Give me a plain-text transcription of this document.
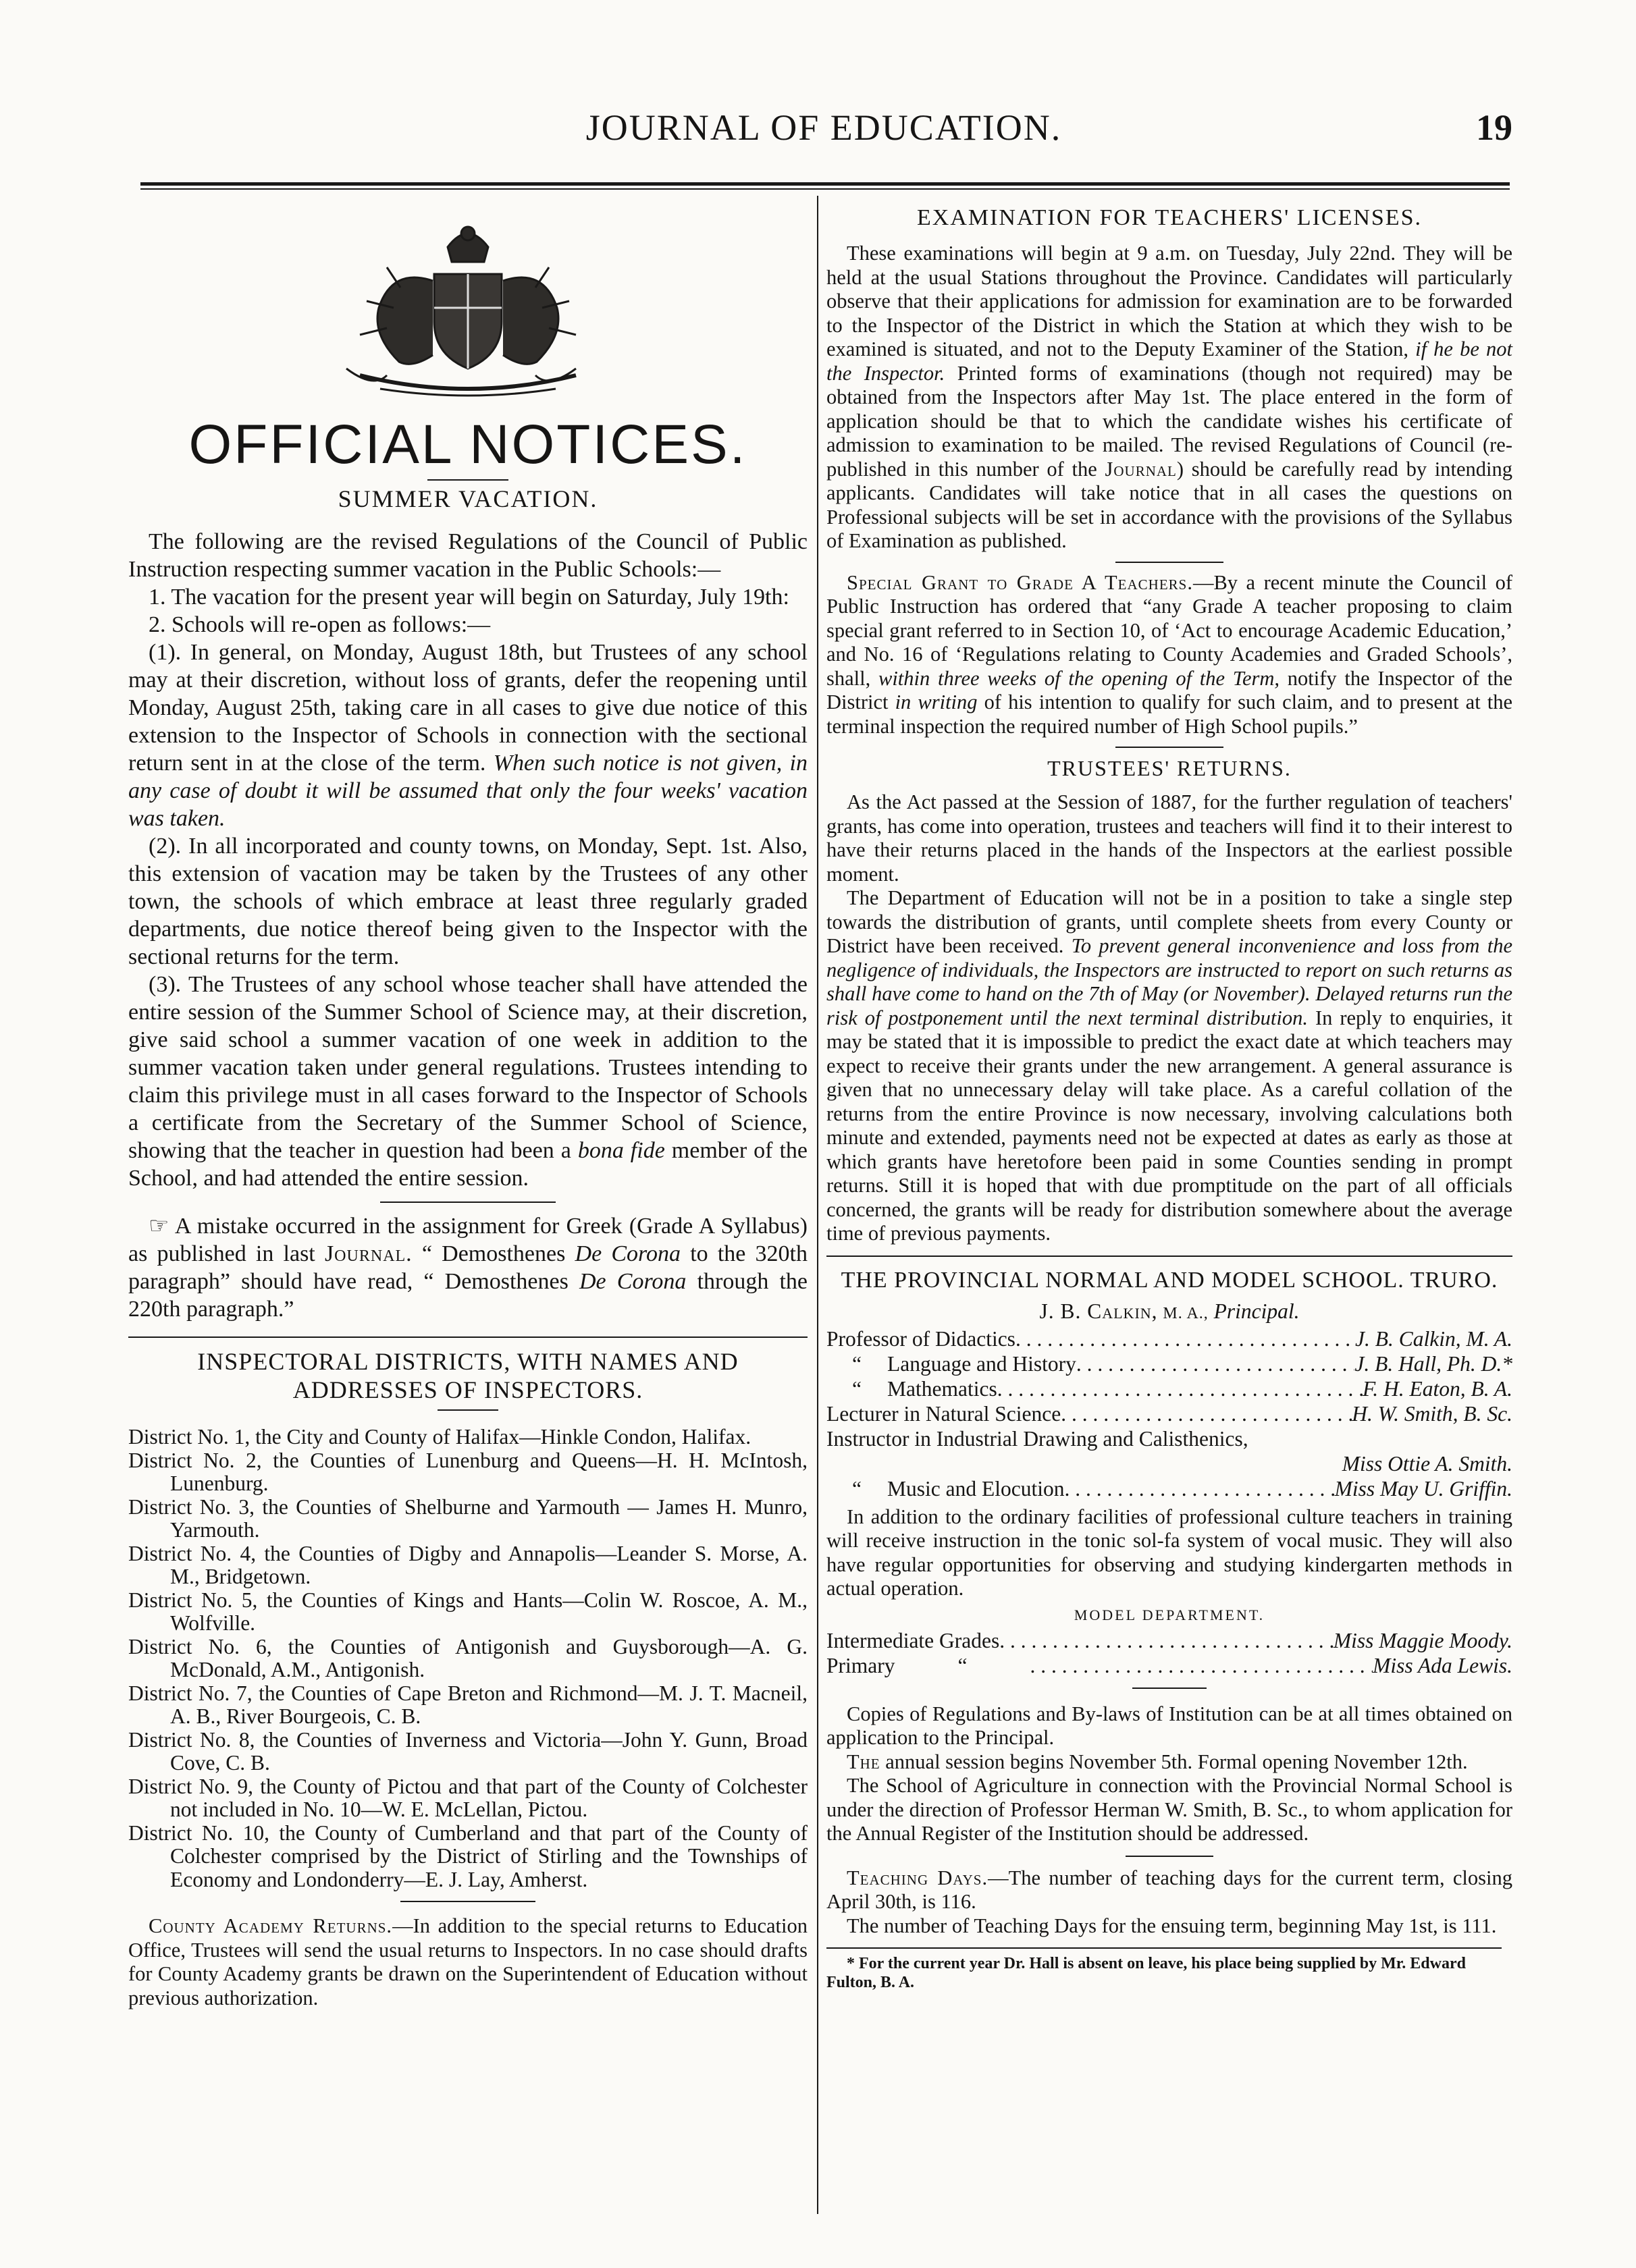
JOURNAL OF EDUCATION.	19
OFFICIAL NOTICES.
SUMMER VACATION.

The following are the revised Regulations of the Council of Public Instruction respecting summer vacation in the Public Schools:—

1. The vacation for the present year will begin on Saturday, July 19th:

2. Schools will re-open as follows:—

(1). In general, on Monday, August 18th, but Trustees of any school may at their discretion, without loss of grants, defer the reopening until Monday, August 25th, taking care in all cases to give due notice of this extension to the Inspector of Schools in connection with the sectional return sent in at the close of the term. When such notice is not given, in any case of doubt it will be assumed that only the four weeks' vacation was taken.

(2). In all incorporated and county towns, on Monday, Sept. 1st. Also, this extension of vacation may be taken by the Trustees of any other town, the schools of which embrace at least three regularly graded departments, due notice thereof being given to the Inspector with the sectional returns for the term.

(3). The Trustees of any school whose teacher shall have attended the entire session of the Summer School of Science may, at their discretion, give said school a summer vacation of one week in addition to the summer vacation taken under general regulations. Trustees intending to claim this privilege must in all cases forward to the Inspector of Schools a certificate from the Secretary of the Summer School of Science, showing that the teacher in question had been a bona fide member of the School, and had attended the entire session.

☞ A mistake occurred in the assignment for Greek (Grade A Syllabus) as published in last Journal. “ Demosthenes De Corona to the 320th paragraph” should have read, “ Demosthenes De Corona through the 220th paragraph.”

INSPECTORAL DISTRICTS, WITH NAMES AND ADDRESSES OF INSPECTORS.

District No. 1, the City and County of Halifax—Hinkle Condon, Halifax.

District No. 2, the Counties of Lunenburg and Queens—H. H. McIntosh, Lunenburg.

District No. 3, the Counties of Shelburne and Yarmouth — James H. Munro, Yarmouth.

District No. 4, the Counties of Digby and Annapolis—Leander S. Morse, A. M., Bridgetown.

District No. 5, the Counties of Kings and Hants—Colin W. Roscoe, A. M., Wolfville.

District No. 6, the Counties of Antigonish and Guysborough—A. G. McDonald, A.M., Antigonish.

District No. 7, the Counties of Cape Breton and Richmond—M. J. T. Macneil, A. B., River Bourgeois, C. B.

District No. 8, the Counties of Inverness and Victoria—John Y. Gunn, Broad Cove, C. B.

District No. 9, the County of Pictou and that part of the County of Colchester not included in No. 10—W. E. McLellan, Pictou.

District No. 10, the County of Cumberland and that part of the County of Colchester comprised by the District of Stirling and the Townships of Economy and Londonderry—E. J. Lay, Amherst.

County Academy Returns.—In addition to the special returns to Education Office, Trustees will send the usual returns to Inspectors. In no case should drafts for County Academy grants be drawn on the Superintendent of Education without previous authorization.

EXAMINATION FOR TEACHERS' LICENSES.

These examinations will begin at 9 a.m. on Tuesday, July 22nd. They will be held at the usual Stations throughout the Province. Candidates will particularly observe that their applications for admission for examination are to be forwarded to the Inspector of the District in which the Station at which they wish to be examined is situated, and not to the Deputy Examiner of the Station, if he be not the Inspector. Printed forms of examinations (though not required) may be obtained from the Inspectors after May 1st. The place entered in the form of application should be that to which the candidate wishes his certificate of admission to examination to be mailed. The revised Regulations of Council (re-published in this number of the Journal) should be carefully read by intending applicants. Candidates will take notice that in all cases the questions on Professional subjects will be set in accordance with the provisions of the Syllabus of Examination as published.

Special Grant to Grade A Teachers.—By a recent minute the Council of Public Instruction has ordered that “any Grade A teacher proposing to claim special grant referred to in Section 10, of ‘Act to encourage Academic Education,’ and No. 16 of ‘Regulations relating to County Academies and Graded Schools’, shall, within three weeks of the opening of the Term, notify the Inspector of the District in writing of his intention to qualify for such claim, and to present at the terminal inspection the required number of High School pupils.”

TRUSTEES' RETURNS.

As the Act passed at the Session of 1887, for the further regulation of teachers' grants, has come into operation, trustees and teachers will find it to their interest to have their returns placed in the hands of the Inspectors at the earliest possible moment.

The Department of Education will not be in a position to take a single step towards the distribution of grants, until complete sheets from every County or District have been received. To prevent general inconvenience and loss from the negligence of individuals, the Inspectors are instructed to report on such returns as shall have come to hand on the 7th of May (or November). Delayed returns run the risk of postponement until the next terminal distribution. In reply to enquiries, it may be stated that it is impossible to predict the exact date at which teachers may expect to receive their grants under the new arrangement. A general assurance is given that no unnecessary delay will take place. As a careful collation of the returns from the entire Province is now necessary, involving calculations both minute and extended, payments need not be expected at dates as early as those at which grants have heretofore been paid in some Counties sending in prompt returns. Still it is hoped that with due promptitude on the part of all officials concerned, the grants will be ready for distribution somewhere about the average time of previous payments.

THE PROVINCIAL NORMAL AND MODEL SCHOOL. TRURO.

J. B. Calkin, M. A., Principal.

Professor of Didactics . . .	J. B. Calkin, M. A.
“ Language and History . . .	J. B. Hall, Ph. D.*
“ Mathematics . . .	F. H. Eaton, B. A.
Lecturer in Natural Science . . .	H. W. Smith, B. Sc.

Instructor in Industrial Drawing and Calisthenics,

Miss Ottie A. Smith.

“ Music and Elocution . . .	Miss May U. Griffin.

In addition to the ordinary facilities of professional culture teachers in training will receive instruction in the tonic sol-fa system of vocal music. They will also have regular opportunities for observing and studying kindergarten methods in actual operation.

MODEL DEPARTMENT.
Intermediate Grades . . .	Miss Maggie Moody.
Primary	“ . . .	Miss Ada Lewis.

Copies of Regulations and By-laws of Institution can be at all times obtained on application to the Principal.

The annual session begins November 5th. Formal opening November 12th.

The School of Agriculture in connection with the Provincial Normal School is under the direction of Professor Herman W. Smith, B. Sc., to whom application for the Annual Register of the Institution should be addressed.

Teaching Days.—The number of teaching days for the current term, closing April 30th, is 116.

The number of Teaching Days for the ensuing term, beginning May 1st, is 111.

* For the current year Dr. Hall is absent on leave, his place being supplied by Mr. Edward Fulton, B. A.
